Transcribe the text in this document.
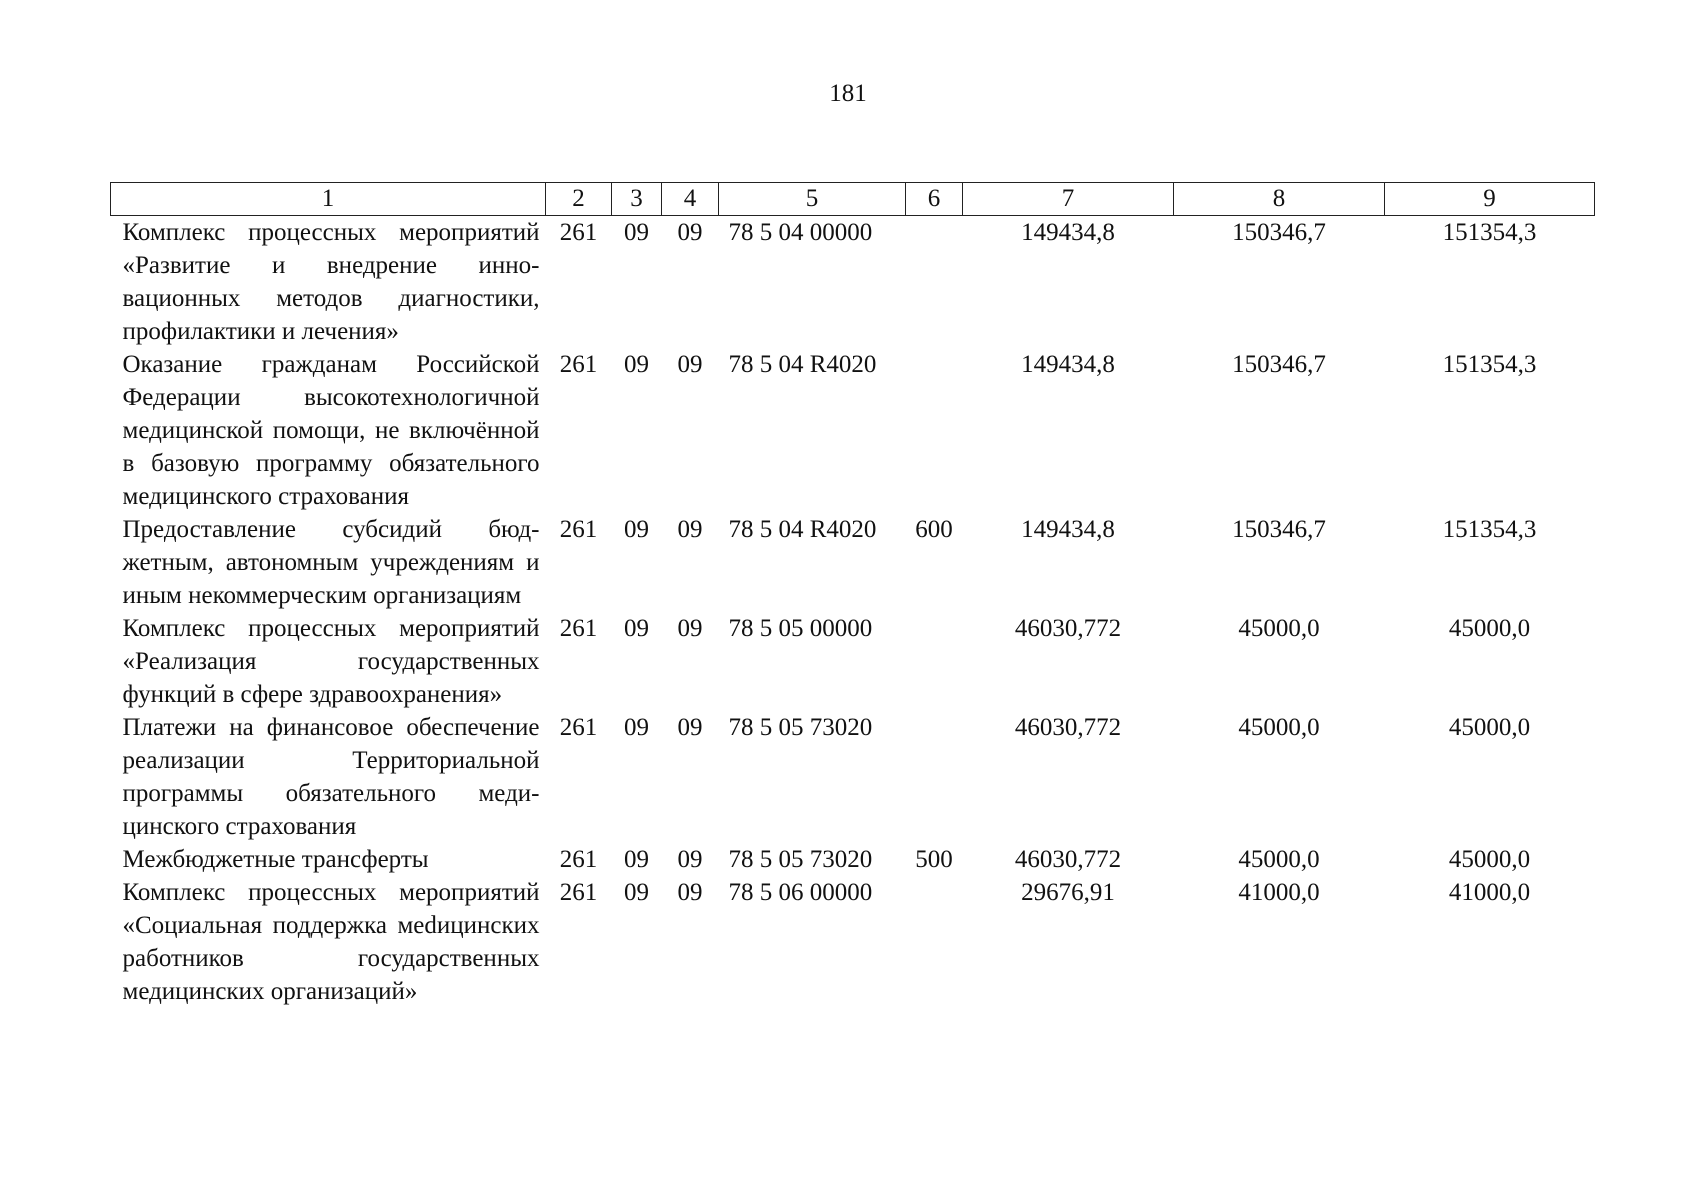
181
1	2	3	4	5	6	7	8	9
Комплекс процессных мероприятий «Развитие и внедрение инновационных методов диагностики, профилактики и лечения»	261	09	09	78 5 04 00000		149434,8	150346,7	151354,3
Оказание гражданам Российской Федерации высокотехнологичной медицинской помощи, не включённой в базовую программу обязательного медицинского страхования	261	09	09	78 5 04 R4020		149434,8	150346,7	151354,3
Предоставление субсидий бюджетным, автономным учреждениям и иным некоммерческим организациям	261	09	09	78 5 04 R4020	600	149434,8	150346,7	151354,3
Комплекс процессных мероприятий «Реализация государственных функций в сфере здравоохранения»	261	09	09	78 5 05 00000		46030,772	45000,0	45000,0
Платежи на финансовое обеспечение реализации Территориальной программы обязательного медицинского страхования	261	09	09	78 5 05 73020		46030,772	45000,0	45000,0
Межбюджетные трансферты	261	09	09	78 5 05 73020	500	46030,772	45000,0	45000,0
Комплекс процессных мероприятий «Социальная поддержка меdицинских работников государственных медицинских организаций»	261	09	09	78 5 06 00000		29676,91	41000,0	41000,0
